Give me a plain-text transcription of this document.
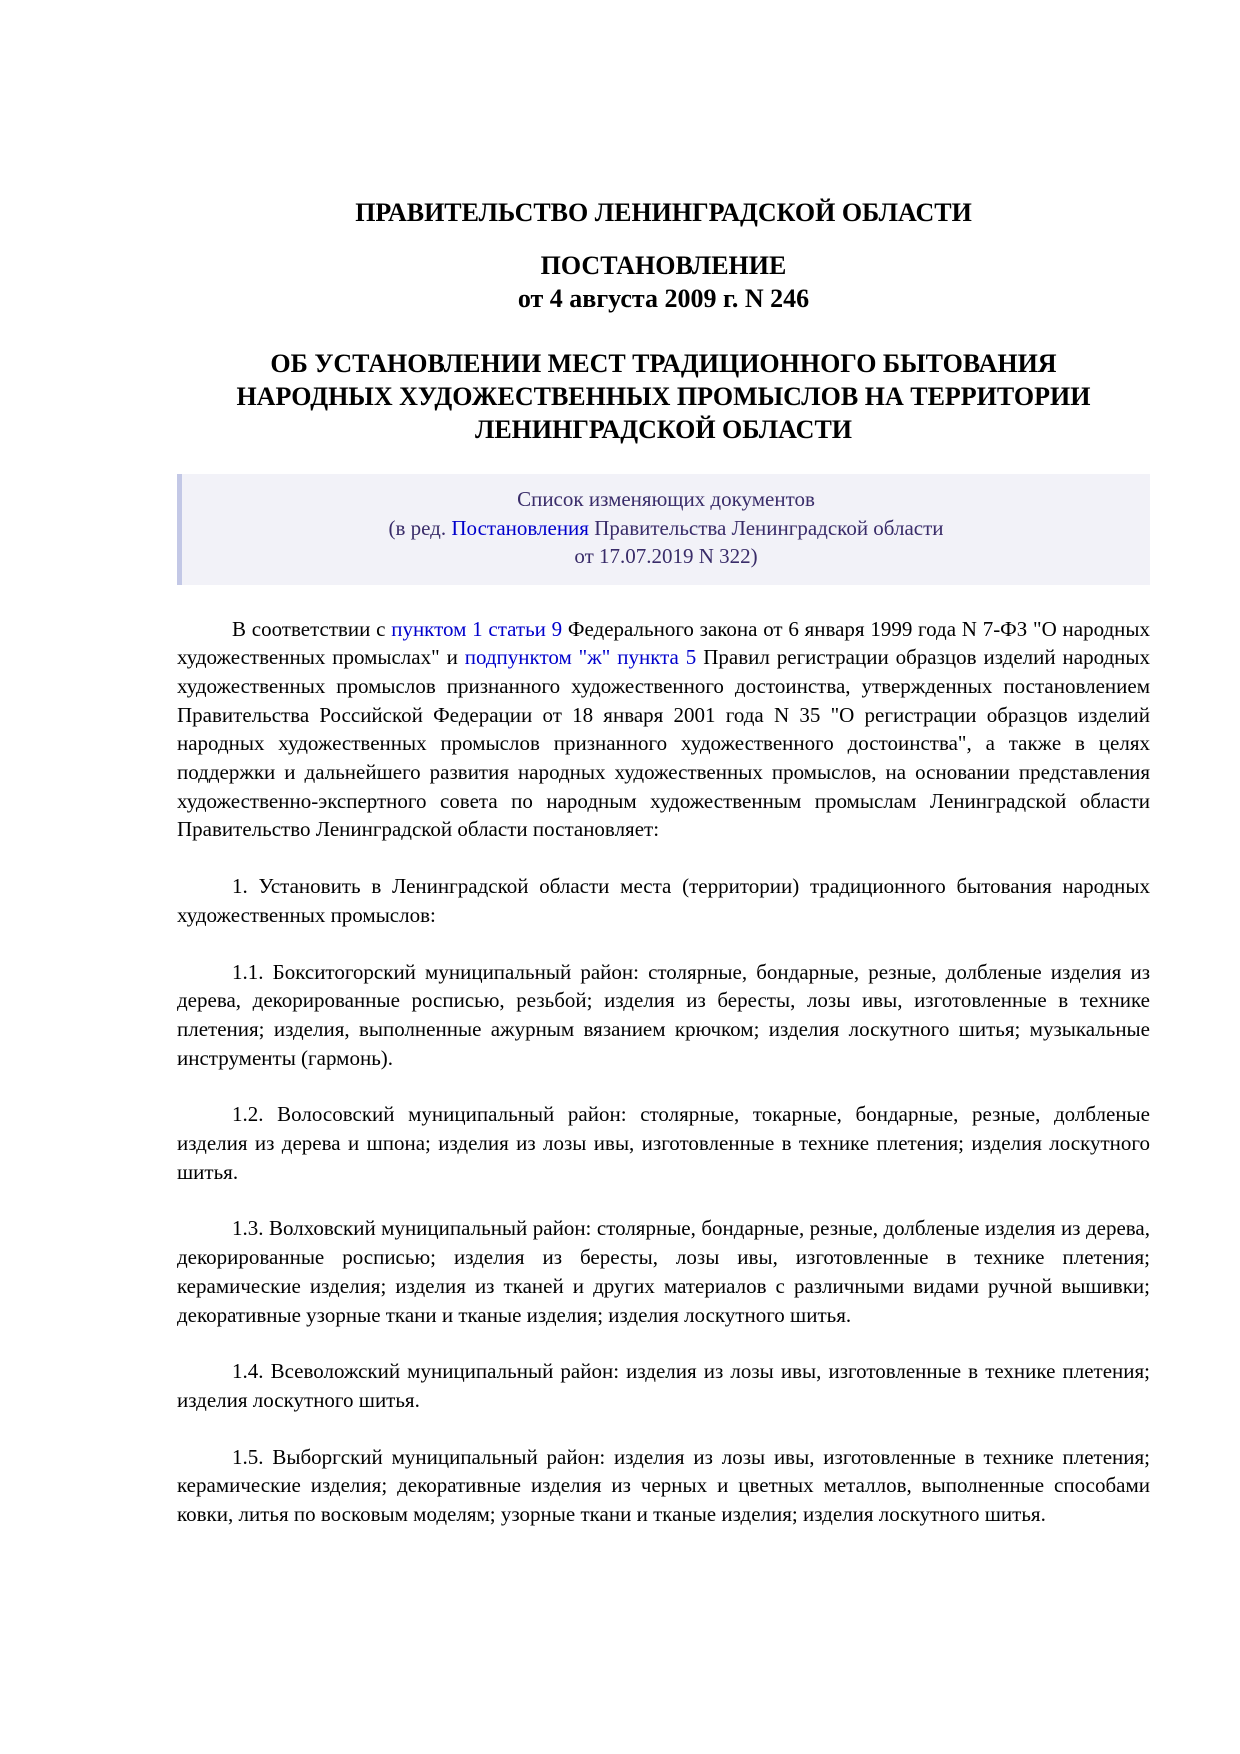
ПРАВИТЕЛЬСТВО ЛЕНИНГРАДСКОЙ ОБЛАСТИ
ПОСТАНОВЛЕНИЕ
от 4 августа 2009 г. N 246
ОБ УСТАНОВЛЕНИИ МЕСТ ТРАДИЦИОННОГО БЫТОВАНИЯ
НАРОДНЫХ ХУДОЖЕСТВЕННЫХ ПРОМЫСЛОВ НА ТЕРРИТОРИИ
ЛЕНИНГРАДСКОЙ ОБЛАСТИ
Список изменяющих документов
(в ред. Постановления Правительства Ленинградской области
от 17.07.2019 N 322)

В соответствии с пунктом 1 статьи 9 Федерального закона от 6 января 1999 года N 7-ФЗ "О народных художественных промыслах" и подпунктом "ж" пункта 5 Правил регистрации образцов изделий народных художественных промыслов признанного художественного достоинства, утвержденных постановлением Правительства Российской Федерации от 18 января 2001 года N 35 "О регистрации образцов изделий народных художественных промыслов признанного художественного достоинства", а также в целях поддержки и дальнейшего развития народных художественных промыслов, на основании представления художественно-экспертного совета по народным художественным промыслам Ленинградской области Правительство Ленинградской области постановляет:

1. Установить в Ленинградской области места (территории) традиционного бытования народных художественных промыслов:

1.1. Бокситогорский муниципальный район: столярные, бондарные, резные, долбленые изделия из дерева, декорированные росписью, резьбой; изделия из бересты, лозы ивы, изготовленные в технике плетения; изделия, выполненные ажурным вязанием крючком; изделия лоскутного шитья; музыкальные инструменты (гармонь).

1.2. Волосовский муниципальный район: столярные, токарные, бондарные, резные, долбленые изделия из дерева и шпона; изделия из лозы ивы, изготовленные в технике плетения; изделия лоскутного шитья.

1.3. Волховский муниципальный район: столярные, бондарные, резные, долбленые изделия из дерева, декорированные росписью; изделия из бересты, лозы ивы, изготовленные в технике плетения; керамические изделия; изделия из тканей и других материалов с различными видами ручной вышивки; декоративные узорные ткани и тканые изделия; изделия лоскутного шитья.

1.4. Всеволожский муниципальный район: изделия из лозы ивы, изготовленные в технике плетения; изделия лоскутного шитья.

1.5. Выборгский муниципальный район: изделия из лозы ивы, изготовленные в технике плетения; керамические изделия; декоративные изделия из черных и цветных металлов, выполненные способами ковки, литья по восковым моделям; узорные ткани и тканые изделия; изделия лоскутного шитья.
